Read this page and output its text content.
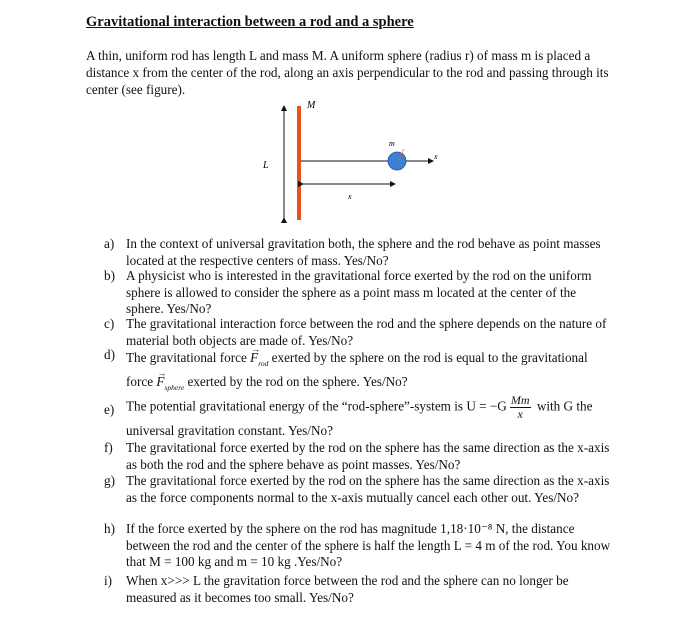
Gravitational interaction between a rod and a sphere
A thin, uniform rod has length L and mass M. A uniform sphere (radius r) of mass m is placed a distance x from the center of the rod, along an axis perpendicular to the rod and passing through its center (see figure).
M
L
m
r
x
x
a) In the context of universal gravitation both, the sphere and the rod behave as point masses located at the respective centers of mass. Yes/No?
b) A physicist who is interested in the gravitational force exerted by the rod on the uniform sphere is allowed to consider the sphere as a point mass m located at the center of the sphere. Yes/No?
c) The gravitational interaction force between the rod and the sphere depends on the nature of material both objects are made of. Yes/No?
d) The gravitational force → $F_{rod}$ exerted by the sphere on the rod is equal to the gravitational
force → $F_{sphere}$ exerted by the rod on the sphere. Yes/No?
e) The potential gravitational energy of the “rod-sphere”-system is $U = -G \frac{Mm}{x}$ with G the
universal gravitation constant. Yes/No?
f) The gravitational force exerted by the rod on the sphere has the same direction as the x-axis as both the rod and the sphere behave as point masses. Yes/No?
g) The gravitational force exerted by the rod on the sphere has the same direction as the x-axis as the force components normal to the x-axis mutually cancel each other out. Yes/No?
h) If the force exerted by the sphere on the rod has magnitude 1,18·10⁻⁸ N, the distance between the rod and the center of the sphere is half the length L = 4 m of the rod. You know that M = 100 kg and m = 10 kg .Yes/No?
i) When x>>> L the gravitation force between the rod and the sphere can no longer be measured as it becomes too small. Yes/No?
